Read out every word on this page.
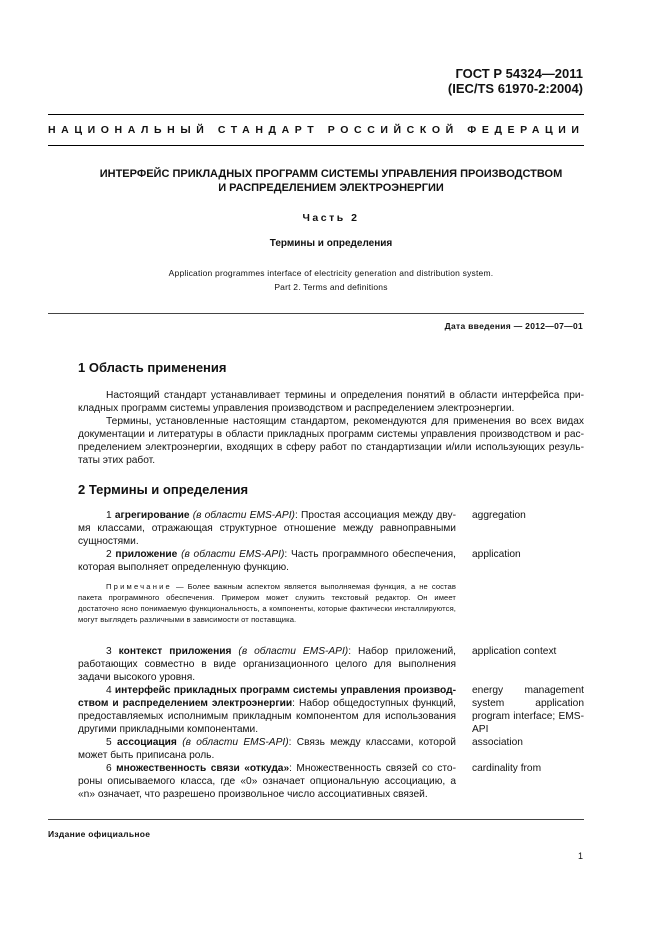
ГОСТ Р 54324—2011
(IEC/TS 61970-2:2004)
НАЦИОНАЛЬНЫЙ СТАНДАРТ РОССИЙСКОЙ ФЕДЕРАЦИИ
ИНТЕРФЕЙС ПРИКЛАДНЫХ ПРОГРАММ СИСТЕМЫ УПРАВЛЕНИЯ ПРОИЗВОДСТВОМ
И РАСПРЕДЕЛЕНИЕМ ЭЛЕКТРОЭНЕРГИИ
Часть 2
Термины и определения
Application programmes interface of electricity generation and distribution system.
Part 2. Terms and definitions
Дата введения — 2012—07—01
1 Область применения

Настоящий стандарт устанавливает термины и определения понятий в области интерфейса прикладных программ системы управления производством и распределением электроэнергии.

Термины, установленные настоящим стандартом, рекомендуются для применения во всех видах документации и литературы в области прикладных программ системы управления производством и распределением электроэнергии, входящих в сферу работ по стандартизации и/или использующих результаты этих работ.

2 Термины и определения
1 агрегирование (в области EMS-API): Простая ассоциация между двумя классами, отражающая структурное отношение между равноправными сущностями.
aggregation
2 приложение (в области EMS-API): Часть программного обеспечения, которая выполняет определенную функцию.
application
Примечание — Более важным аспектом является выполняемая функция, а не состав пакета программного обеспечения. Примером может служить текстовый редактор. Он имеет достаточно ясно понимаемую функциональность, а компоненты, которые фактически инсталлируются, могут выглядеть различными в зависимости от поставщика.
3 контекст приложения (в области EMS-API): Набор приложений, работающих совместно в виде организационного целого для выполнения задачи высокого уровня.
application context
4 интерфейс прикладных программ системы управления производством и распределением электроэнергии: Набор общедоступных функций, предоставляемых исполнимым прикладным компонентом для использования другими прикладными компонентами.
energy management system application program interface; EMS-API
5 ассоциация (в области EMS-API): Связь между классами, которой может быть приписана роль.
association
6 множественность связи «откуда»: Множественность связей со стороны описываемого класса, где «0» означает опциональную ассоциацию, а «n» означает, что разрешено произвольное число ассоциативных связей.
cardinality from
Издание официальное
1
